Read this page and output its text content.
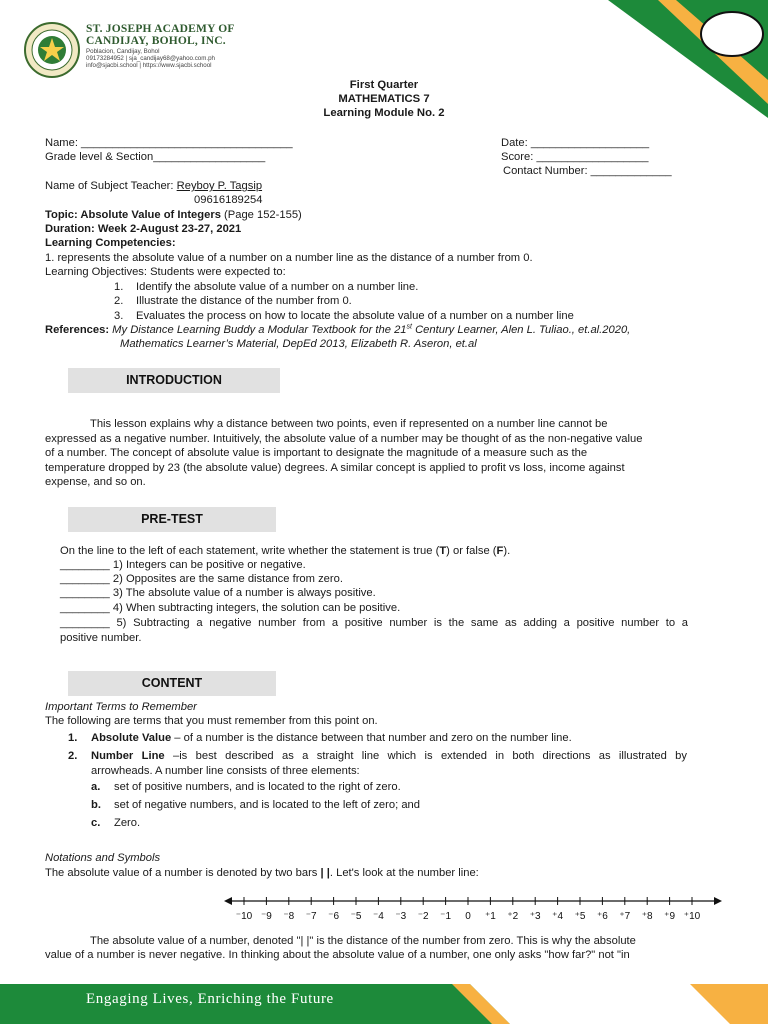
ST. JOSEPH ACADEMY OF
CANDIJAY, BOHOL, INC.
Poblacion, Candijay, Bohol
09173284952 | sja_candijay68@yahoo.com.ph
info@sjacbi.school | https://www.sjacbi.school
First Quarter
MATHEMATICS 7
Learning Module No. 2
Name: __________________________________
Grade level & Section__________________
Date: ___________________
Score: __________________
Contact Number: _____________
Name of Subject Teacher: Reyboy P. Tagsip
09616189254
Topic: Absolute Value of Integers (Page 152-155)
Duration: Week 2-August 23-27, 2021
Learning Competencies:
1. represents the absolute value of a number on a number line as the distance of a number from 0.
Learning Objectives: Students were expected to:
1. Identify the absolute value of a number on a number line.
2. Illustrate the distance of the number from 0.
3. Evaluates the process on how to locate the absolute value of a number on a number line
References: My Distance Learning Buddy a Modular Textbook for the 21st Century Learner, Alen L. Tuliao., et.al.2020,
Mathematics Learner’s Material, DepEd 2013, Elizabeth R. Aseron, et.al
INTRODUCTION
This lesson explains why a distance between two points, even if represented on a number line cannot be
expressed as a negative number. Intuitively, the absolute value of a number may be thought of as the non-negative value
of a number. The concept of absolute value is important to designate the magnitude of a measure such as the
temperature dropped by 23 (the absolute value) degrees. A similar concept is applied to profit vs loss, income against
expense, and so on.
PRE-TEST
On the line to the left of each statement, write whether the statement is true (T) or false (F).
________ 1) Integers can be positive or negative.
________ 2) Opposites are the same distance from zero.
________ 3) The absolute value of a number is always positive.
________ 4) When subtracting integers, the solution can be positive.
________ 5) Subtracting a negative number from a positive number is the same as adding a positive number to a
positive number.
CONTENT
Important Terms to Remember
The following are terms that you must remember from this point on.
1. Absolute Value – of a number is the distance between that number and zero on the number line.
2. Number Line –is best described as a straight line which is extended in both directions as illustrated by
arrowheads. A number line consists of three elements:
a. set of positive numbers, and is located to the right of zero.
b. set of negative numbers, and is located to the left of zero; and
c. Zero.
Notations and Symbols
The absolute value of a number is denoted by two bars | |. Let's look at the number line:
⁻10 ⁻9 ⁻8 ⁻7 ⁻6 ⁻5 ⁻4 ⁻3 ⁻2 ⁻1 0 ⁺1 ⁺2 ⁺3 ⁺4 ⁺5 ⁺6 ⁺7 ⁺8 ⁺9 ⁺10
The absolute value of a number, denoted "| |" is the distance of the number from zero. This is why the absolute
value of a number is never negative. In thinking about the absolute value of a number, one only asks "how far?" not "in
Engaging Lives, Enriching the Future
